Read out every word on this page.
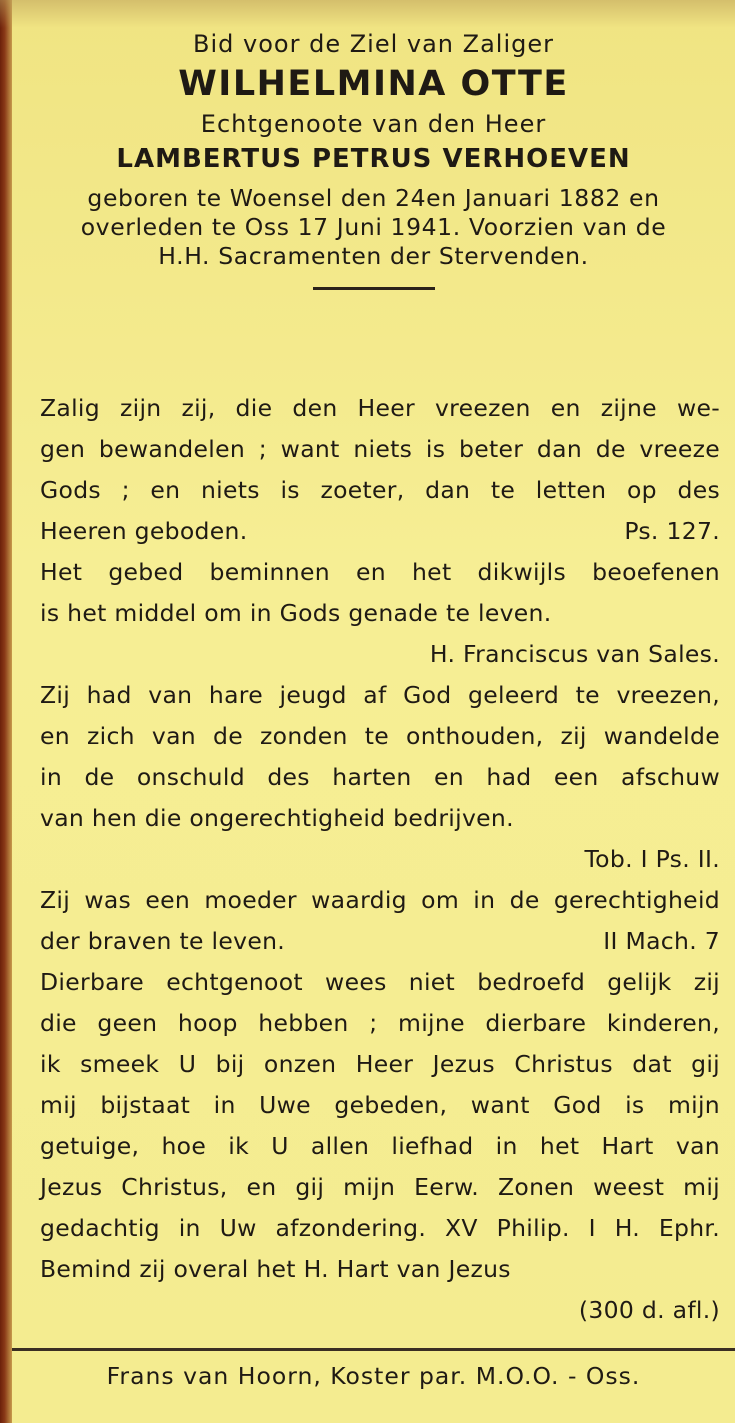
Bid voor de Ziel van Zaliger
WILHELMINA OTTE
Echtgenoote van den Heer
LAMBERTUS PETRUS VERHOEVEN
geboren te Woensel den 24en Januari 1882 en
overleden te Oss 17 Juni 1941. Voorzien van de
H.H. Sacramenten der Stervenden.
Zalig zijn zij, die den Heer vreezen en zijne we-
gen bewandelen ; want niets is beter dan de vreeze
Gods ; en niets is zoeter, dan te letten op des
Heeren geboden.	Ps. 127.
Het gebed beminnen en het dikwijls beoefenen
is het middel om in Gods genade te leven.
H. Franciscus van Sales.
Zij had van hare jeugd af God geleerd te vreezen,
en zich van de zonden te onthouden, zij wandelde
in de onschuld des harten en had een afschuw
van hen die ongerechtigheid bedrijven.
Tob. I Ps. II.
Zij was een moeder waardig om in de gerechtigheid
der braven te leven.	II Mach. 7
Dierbare echtgenoot wees niet bedroefd gelijk zij
die geen hoop hebben ; mijne dierbare kinderen,
ik smeek U bij onzen Heer Jezus Christus dat gij
mij bijstaat in Uwe gebeden, want God is mijn
getuige, hoe ik U allen liefhad in het Hart van
Jezus Christus, en gij mijn Eerw. Zonen weest mij
gedachtig in Uw afzondering. XV Philip. I H. Ephr.
Bemind zij overal het H. Hart van Jezus
(300 d. afl.)
Frans van Hoorn, Koster par. M.O.O. - Oss.
